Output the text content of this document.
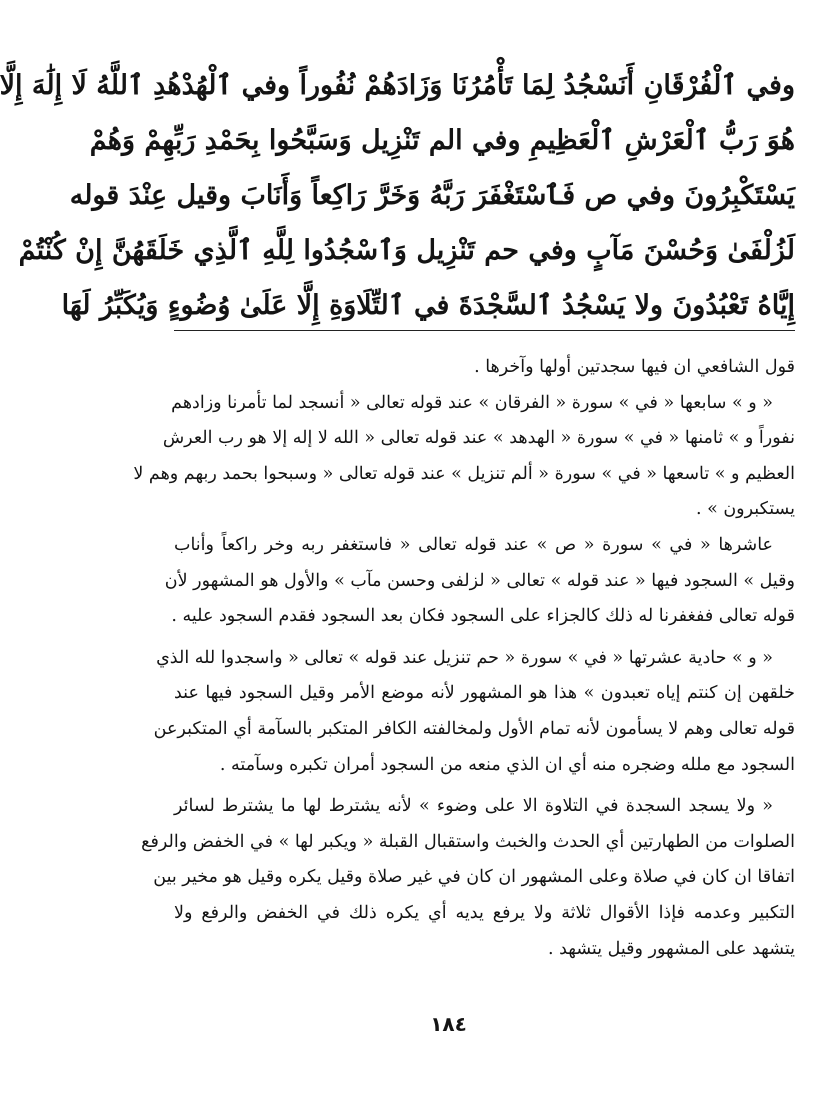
وفي ٱلْفُرْقَانِ أَنَسْجُدُ لِمَا تَأْمُرُنَا وَزَادَهُمْ نُفُوراً وفي ٱلْهُدْهُدِ ٱللَّهُ لَا إِلَٰهَ إِلَّا
هُوَ رَبُّ ٱلْعَرْشِ ٱلْعَظِيمِ وفي الم تَنْزِيل وَسَبَّحُوا بِحَمْدِ رَبِّهِمْ وَهُمْ
يَسْتَكْبِرُونَ وفي ص فَٱسْتَغْفَرَ رَبَّهُ وَخَرَّ رَاكِعاً وَأَنَابَ وقيل عِنْدَ قوله
لَزُلْفَىٰ وَحُسْنَ مَآبٍ وفي حم تَنْزِيل وَٱسْجُدُوا لِلَّهِ ٱلَّذِي خَلَقَهُنَّ إِنْ كُنْتُمْ
إِيَّاهُ تَعْبُدُونَ ولا يَسْجُدُ ٱلسَّجْدَةَ في ٱلتِّلَاوَةِ إِلَّا عَلَىٰ وُضُوءٍ وَيُكَبِّرُ لَهَا
قول الشافعي ان فيها سجدتين أولها وآخرها .
« و » سابعها « في » سورة « الفرقان » عند قوله تعالى « أنسجد لما تأمرنا وزادهم
نفوراً و » ثامنها « في » سورة « الهدهد » عند قوله تعالى « الله لا إله إلا هو رب العرش
العظيم و » تاسعها « في » سورة « ألم تنزيل » عند قوله تعالى « وسبحوا بحمد ربهم وهم لا
يستكبرون » .
عاشرها « في » سورة « ص » عند قوله تعالى « فاستغفر ربه وخر راكعاً وأناب
وقيل » السجود فيها « عند قوله » تعالى « لزلفى وحسن مآب » والأول هو المشهور لأن
قوله تعالى ففغفرنا له ذلك كالجزاء على السجود فكان بعد السجود فقدم السجود عليه .
« و » حادية عشرتها « في » سورة « حم تنزيل عند قوله » تعالى « واسجدوا لله الذي
خلقهن إن كنتم إياه تعبدون » هذا هو المشهور لأنه موضع الأمر وقيل السجود فيها عند
قوله تعالى وهم لا يسأمون لأنه تمام الأول ولمخالفته الكافر المتكبر بالسآمة أي المتكبرعن
السجود مع ملله وضجره منه أي ان الذي منعه من السجود أمران تكبره وسآمته .
« ولا يسجد السجدة في التلاوة الا على وضوء » لأنه يشترط لها ما يشترط لسائر
الصلوات من الطهارتين أي الحدث والخبث واستقبال القبلة « ويكبر لها » في الخفض والرفع
اتفاقا ان كان في صلاة وعلى المشهور ان كان في غير صلاة وقيل يكره وقيل هو مخير بين
التكبير وعدمه فإذا الأقوال ثلاثة ولا يرفع يديه أي يكره ذلك في الخفض والرفع ولا
يتشهد على المشهور وقيل يتشهد .
١٨٤
